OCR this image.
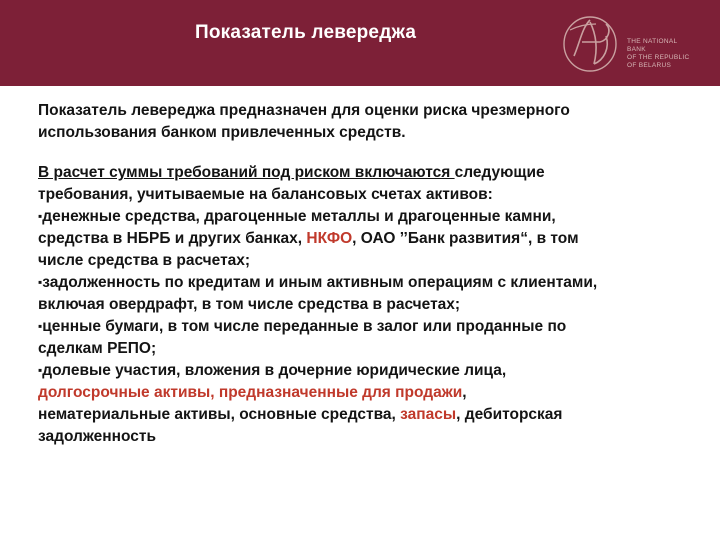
Показатель левереджа	THE NATIONAL
BANK
OF THE REPUBLIC
OF BELARUS

Показатель левереджа предназначен для оценки риска чрезмерного
использования банком привлеченных средств.

В расчет суммы требований под риском включаются следующие
требования, учитываемые на балансовых счетах активов:
▪денежные средства, драгоценные металлы и драгоценные камни,
средства в НБРБ и других банках, НКФО, ОАО ’’Банк развития“, в том
числе средства в расчетах;
▪задолженность по кредитам и иным активным операциям с клиентами,
включая овердрафт, в том числе средства в расчетах;
▪ценные бумаги, в том числе переданные в залог или проданные по
сделкам РЕПО;
▪долевые участия, вложения в дочерние юридические лица,
долгосрочные активы, предназначенные для продажи,
нематериальные активы, основные средства, запасы, дебиторская
задолженность
